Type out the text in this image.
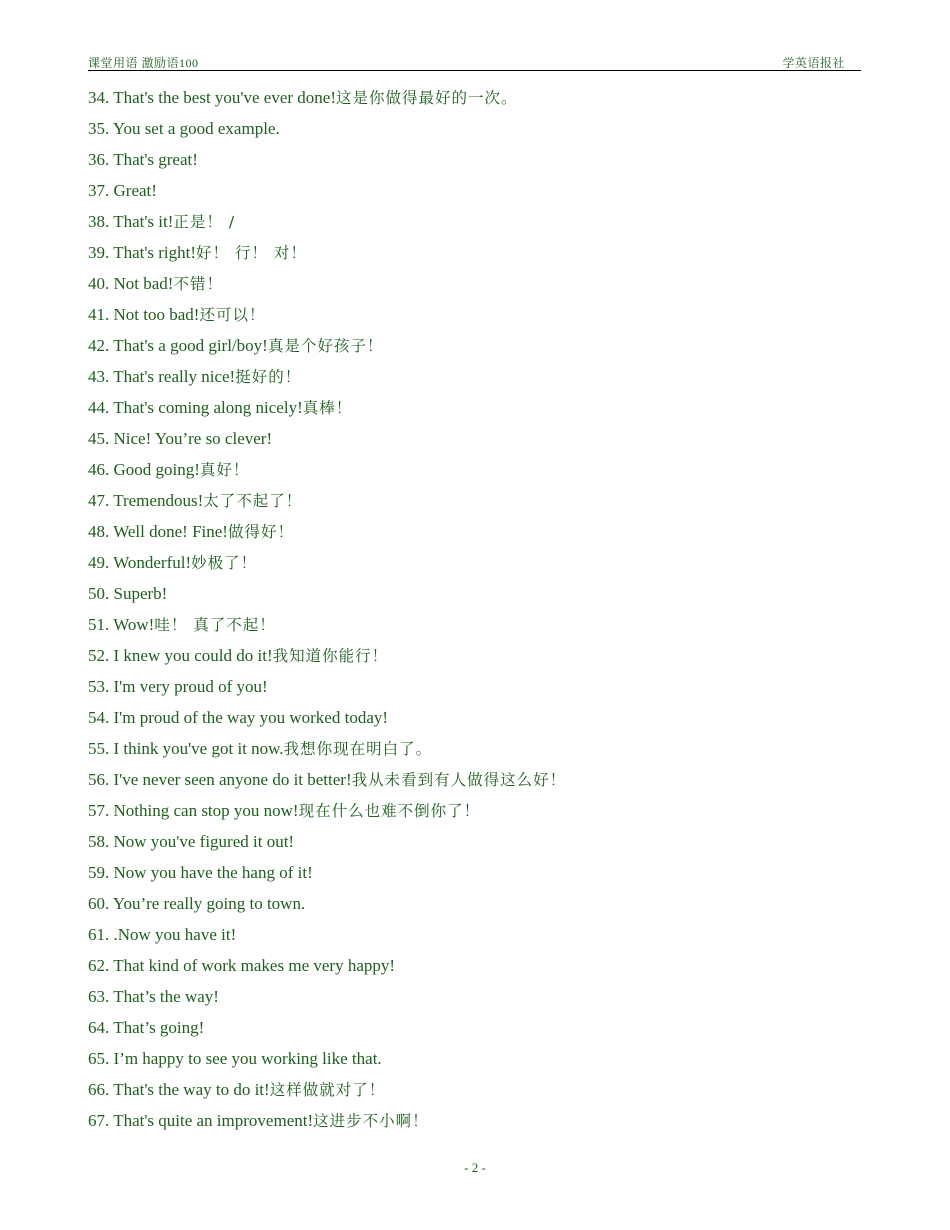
课堂用语 激励语100	学英语报社
34. That's the best you've ever done!这是你做得最好的一次。
35. You set a good example.
36. That's great!
37. Great!
38. That's it!正是！ /
39. That's right!好！ 行！ 对！
40. Not bad!不错！
41. Not too bad!还可以！
42. That's a good girl/boy!真是个好孩子！
43. That's really nice!挺好的！
44. That's coming along nicely!真棒！
45. Nice! You’re so clever!
46. Good going!真好！
47. Tremendous!太了不起了！
48. Well done! Fine!做得好！
49. Wonderful!妙极了！
50. Superb!
51. Wow!哇！ 真了不起！
52. I knew you could do it!我知道你能行！
53. I'm very proud of you!
54. I'm proud of the way you worked today!
55. I think you've got it now.我想你现在明白了。
56. I've never seen anyone do it better!我从未看到有人做得这么好！
57. Nothing can stop you now!现在什么也难不倒你了！
58. Now you've figured it out!
59. Now you have the hang of it!
60. You’re really going to town.
61. .Now you have it!
62. That kind of work makes me very happy!
63. That’s the way!
64. That’s going!
65. I’m happy to see you working like that.
66. That's the way to do it!这样做就对了！
67. That's quite an improvement!这进步不小啊！
- 2 -
